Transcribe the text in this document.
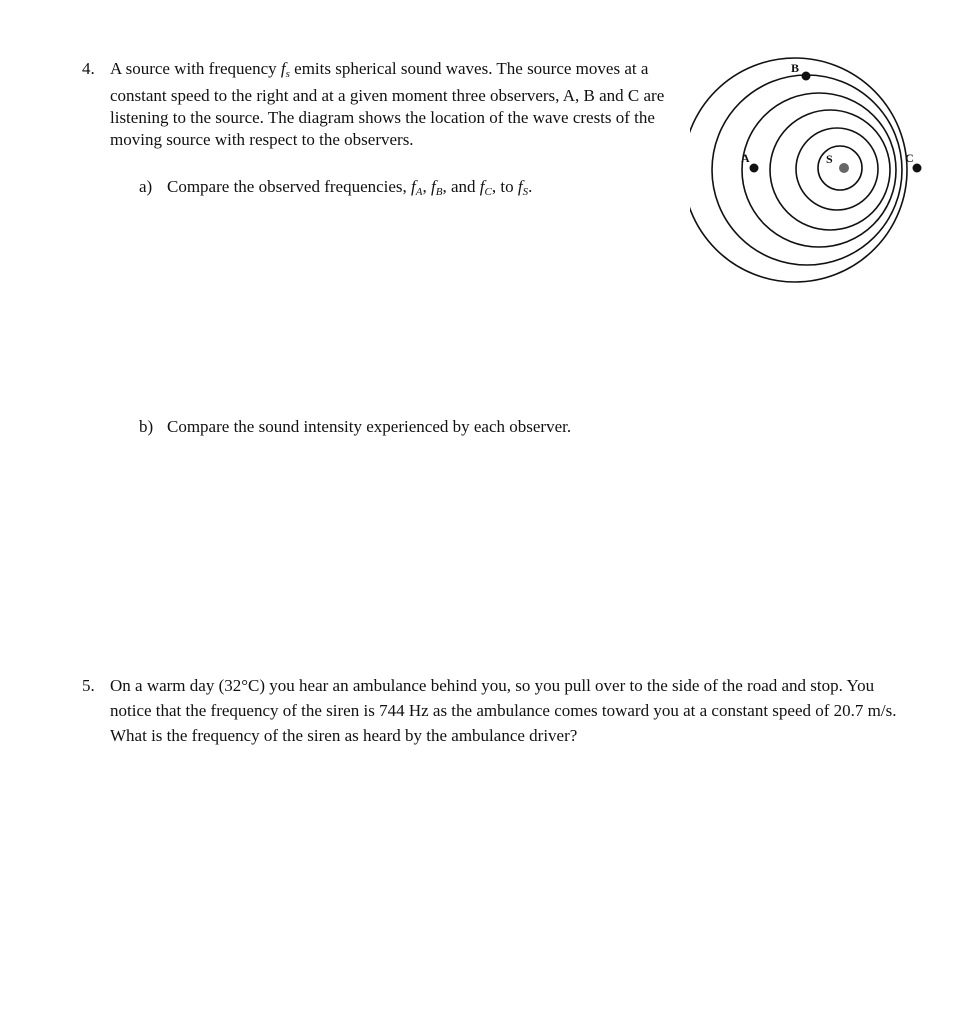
4. A source with frequency $f_s$ emits spherical sound waves. The source moves at a constant speed to the right and at a given moment three observers, A, B and C are listening to the source. The diagram shows the location of the wave crests of the moving source with respect to the observers.
a) Compare the observed frequencies, $f_A$, $f_B$, and $f_C$, to $f_S$.
A
B
C
S
b) Compare the sound intensity experienced by each observer.
5. On a warm day (32°C) you hear an ambulance behind you, so you pull over to the side of the road and stop. You notice that the frequency of the siren is 744 Hz as the ambulance comes toward you at a constant speed of 20.7 m/s. What is the frequency of the siren as heard by the ambulance driver?
